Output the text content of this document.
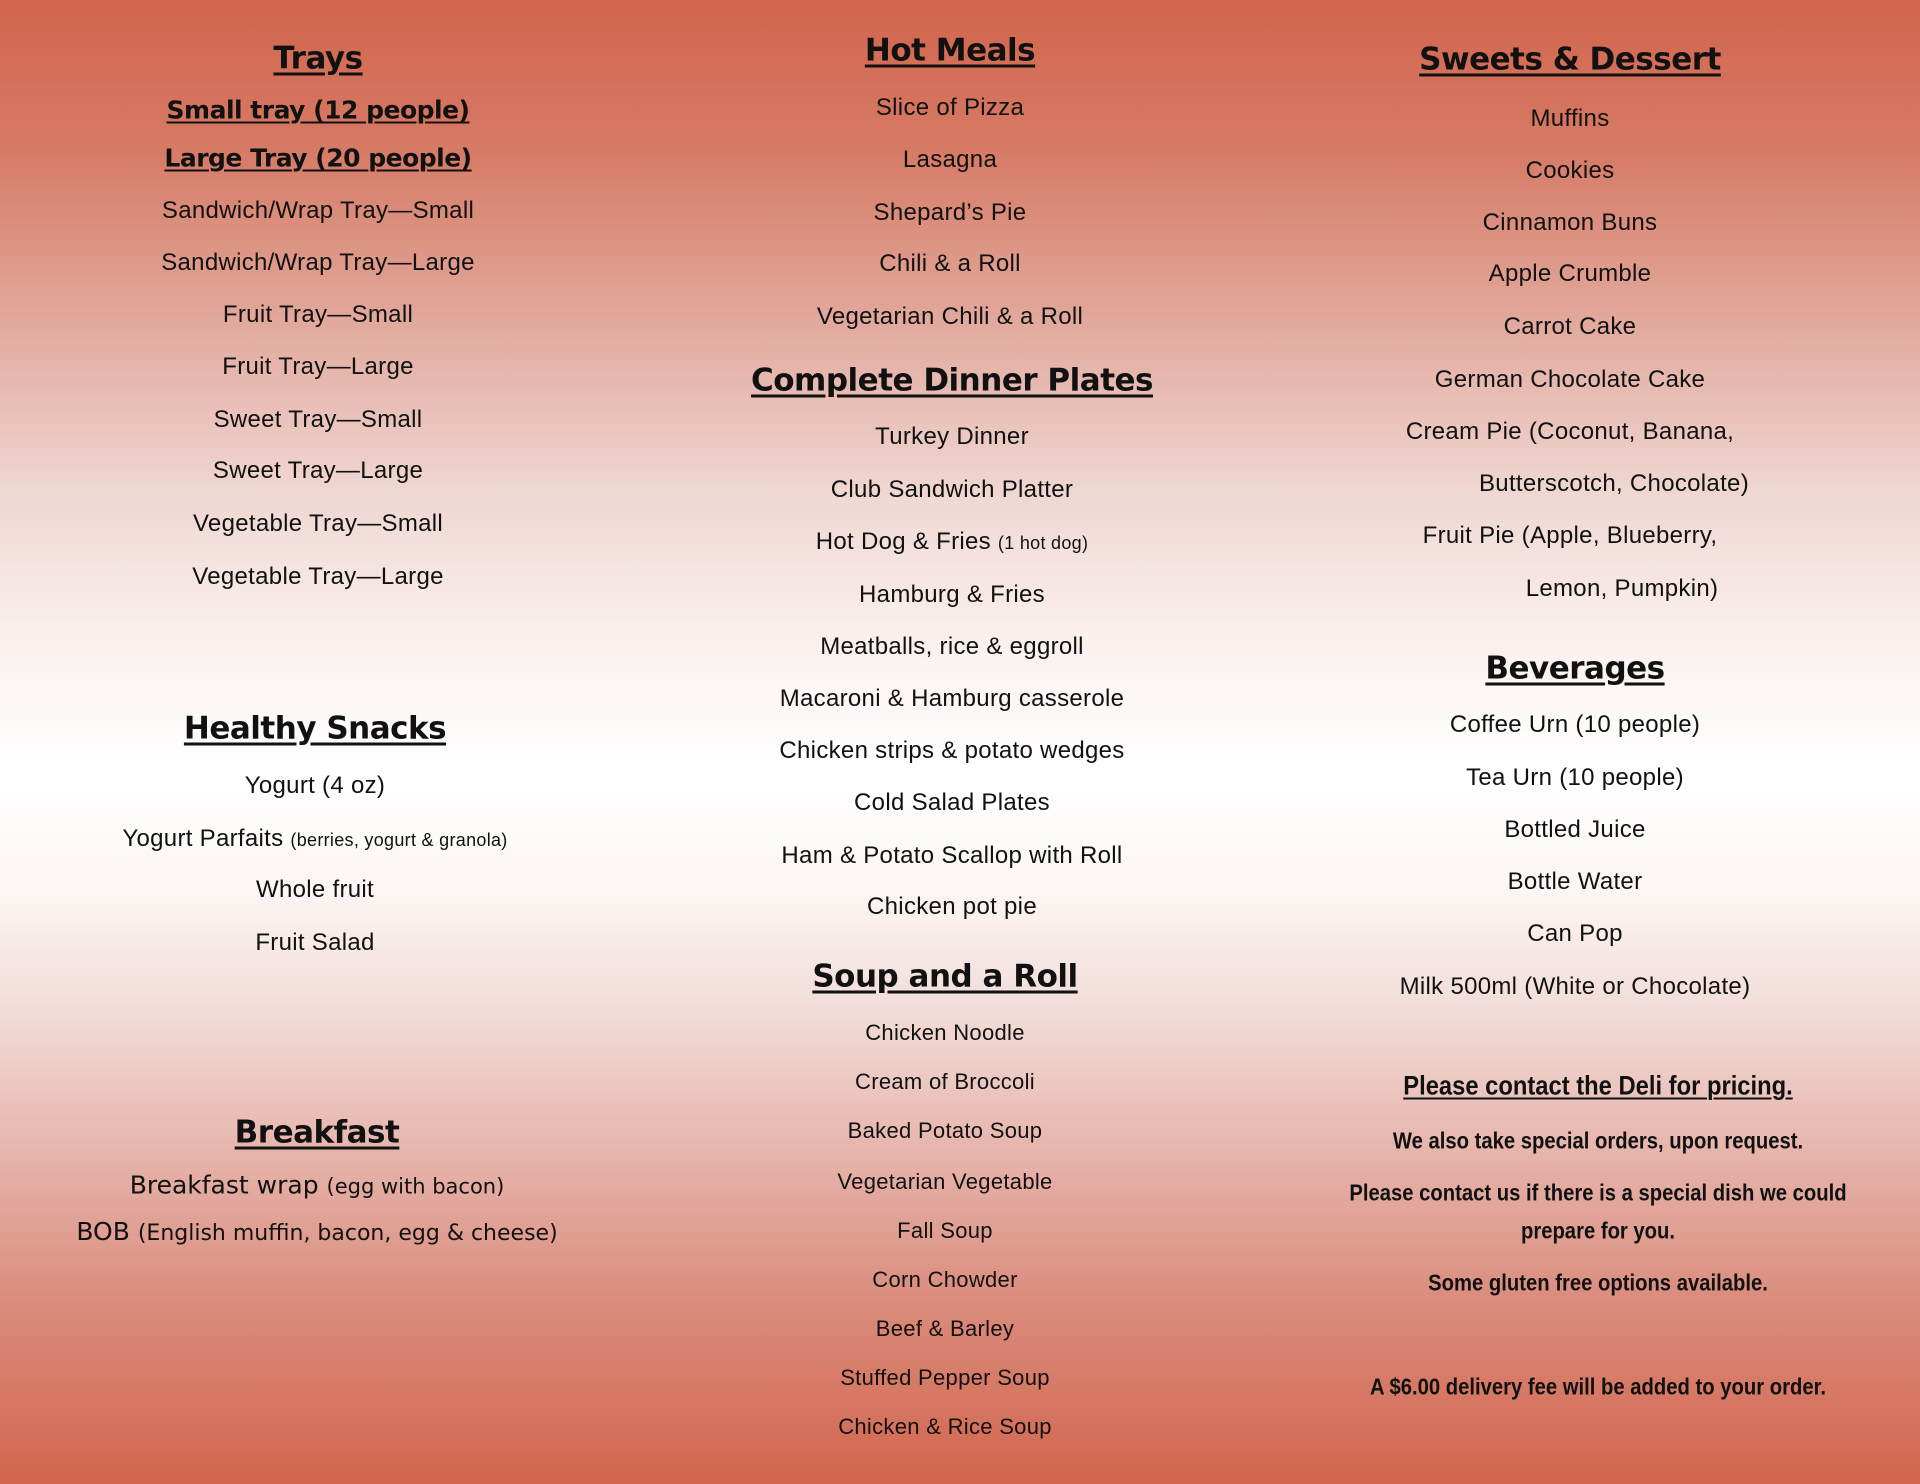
Trays
Small tray (12 people)
Large Tray (20 people)
Sandwich/Wrap Tray—Small
Sandwich/Wrap Tray—Large
Fruit Tray—Small
Fruit Tray—Large
Sweet Tray—Small
Sweet Tray—Large
Vegetable Tray—Small
Vegetable Tray—Large
Healthy Snacks
Yogurt (4 oz)
Yogurt Parfaits (berries, yogurt & granola)
Whole fruit
Fruit Salad
Breakfast
Breakfast wrap (egg with bacon)
BOB (English muffin, bacon, egg & cheese)
Hot Meals
Slice of Pizza
Lasagna
Shepard’s Pie
Chili & a Roll
Vegetarian Chili & a Roll
Complete Dinner Plates
Turkey Dinner
Club Sandwich Platter
Hot Dog & Fries (1 hot dog)
Hamburg & Fries
Meatballs, rice & eggroll
Macaroni & Hamburg casserole
Chicken strips & potato wedges
Cold Salad Plates
Ham & Potato Scallop with Roll
Chicken pot pie
Soup and a Roll
Chicken Noodle
Cream of Broccoli
Baked Potato Soup
Vegetarian Vegetable
Fall Soup
Corn Chowder
Beef & Barley
Stuffed Pepper Soup
Chicken & Rice Soup
Sweets & Dessert
Muffins
Cookies
Cinnamon Buns
Apple Crumble
Carrot Cake
German Chocolate Cake
Cream Pie (Coconut, Banana,
Butterscotch, Chocolate)
Fruit Pie (Apple, Blueberry,
Lemon, Pumpkin)
Beverages
Coffee Urn (10 people)
Tea Urn (10 people)
Bottled Juice
Bottle Water
Can Pop
Milk 500ml (White or Chocolate)
Please contact the Deli for pricing.
We also take special orders, upon request.
Please contact us if there is a special dish we could
prepare for you.
Some gluten free options available.
A $6.00 delivery fee will be added to your order.
